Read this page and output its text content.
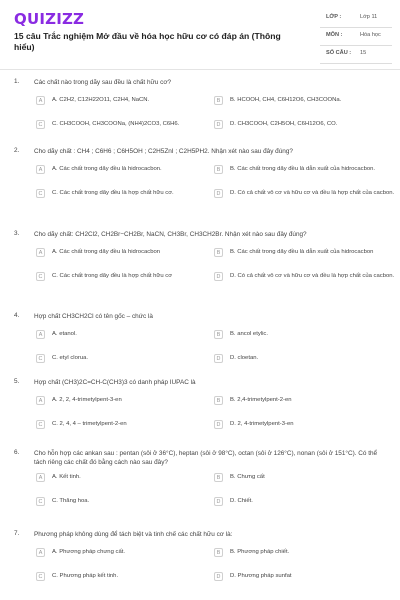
QUIZIZZ
15 câu Trắc nghiệm Mở đầu về hóa học hữu cơ có đáp án (Thông hiểu)
LỚP :	Lớp 11
MÔN :	Hóa học
SỐ CÂU : 15
1. Các chất nào trong dãy sau đều là chất hữu cơ?
A	A. C2H2, C12H22O11, C2H4, NaCN.	B	B. HCOOH, CH4, C6H12O6, CH3COONa.
C	C. CH3COOH, CH3COONa, (NH4)2CO3, C6H6.	D	D. CH3COOH, C2H5OH, C6H12O6, CO.
2. Cho dãy chất : CH4 ; C6H6 ; C6H5OH ; C2H5ZnI ; C2H5PH2. Nhận xét nào sau đây đúng?
A	A. Các chất trong dãy đều là hidrocacbon.	B	B. Các chất trong dãy đều là dẫn xuất của hidrocacbon.
C	C. Các chất trong dãy đều là hợp chất hữu cơ.	D	D. Có cả chất vô cơ và hữu cơ và đều là hợp chất của cacbon.
3. Cho dãy chất: CH2Cl2, CH2Br−CH2Br, NaCN, CH3Br, CH3CH2Br. Nhận xét nào sau đây đúng?
A	A. Các chất trong dãy đều là hidrocacbon	B	B. Các chất trong dãy đều là dẫn xuất của hidrocacbon
C	C. Các chất trong dãy đều là hợp chất hữu cơ	D	D. Có cả chất vô cơ và hữu cơ và đều là hợp chất của cacbon.
4. Hợp chất CH3CH2Cl có tên gốc – chức là
A	A. etanol.	B	B. ancol etylic.
C	C. etyl clorua.	D	D. cloetan.
5. Hợp chất (CH3)2C=CH-C(CH3)3 có danh pháp IUPAC là
A	A. 2, 2, 4-trimetylpent-3-en	B	B. 2,4-trimetylpent-2-en
C	C. 2, 4, 4 – trimetylpent-2-en	D	D. 2, 4-trimetylpent-3-en
6. Cho hỗn hợp các ankan sau : pentan (sôi ở 36°C), heptan (sôi ở 98°C), octan (sôi ở 126°C), nonan (sôi ở 151°C). Có thể tách riêng các chất đó bằng cách nào sau đây?
A	A. Kết tinh.	B	B. Chưng cất
C	C. Thăng hoa.	D	D. Chiết.
7. Phương pháp không dùng để tách biệt và tinh chế các chất hữu cơ là:
A	A. Phương pháp chưng cất.	B	B. Phương pháp chiết.
C	C. Phương pháp kết tinh.	D	D. Phương pháp sunfat
